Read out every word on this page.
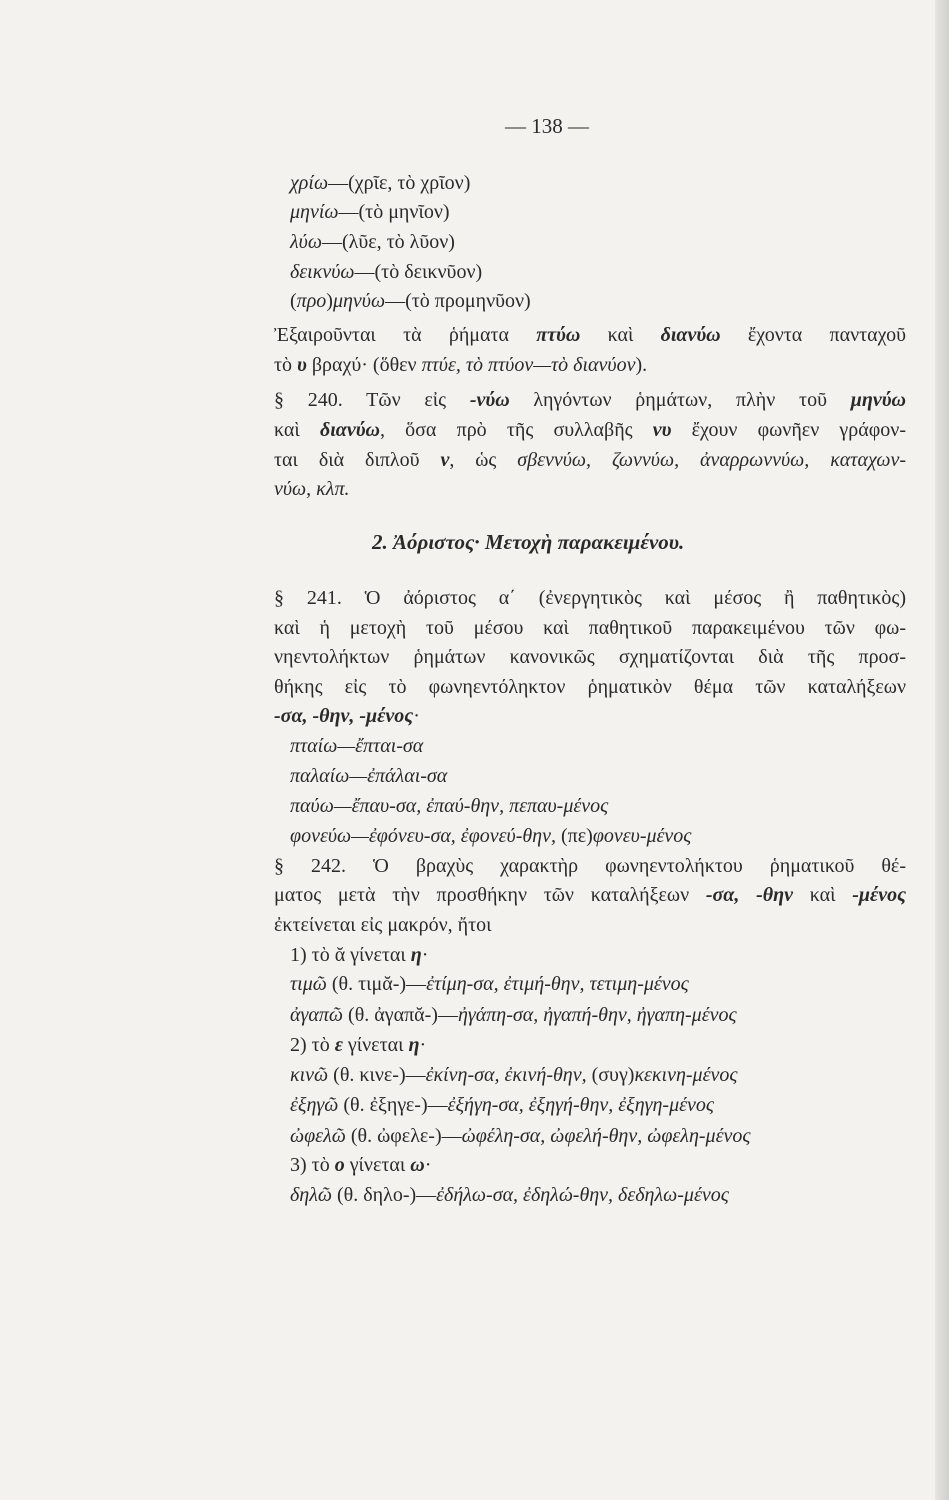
— 138 —
χρίω—(χρῖε, τὸ χρῖον)
μηνίω—(τὸ μηνῖον)
λύω—(λῦε, τὸ λῦον)
δεικνύω—(τὸ δεικνῦον)
(προ)μηνύω—(τὸ προμηνῦον)
Ἐξαιροῦνται τὰ ῥήματα πτύω καὶ διανύω ἔχοντα πανταχοῦ
τὸ υ βραχύ· (ὅθεν πτύε, τὸ πτύον—τὸ διανύον).
§ 240. Τῶν εἰς -νύω ληγόντων ῥημάτων, πλὴν τοῦ μηνύω
καὶ διανύω, ὅσα πρὸ τῆς συλλαβῆς νυ ἔχουν φωνῆεν γράφον-
ται διὰ διπλοῦ ν, ὡς σβεννύω, ζωννύω, ἀναρρωννύω, καταχων-
νύω, κλπ.
2. Ἀόριστος· Μετοχὴ παρακειμένου.
§ 241. Ὁ ἀόριστος α΄ (ἐνεργητικὸς καὶ μέσος ἢ παθητικὸς)
καὶ ἡ μετοχὴ τοῦ μέσου καὶ παθητικοῦ παρακειμένου τῶν φω-
νηεντολήκτων ῥημάτων κανονικῶς σχηματίζονται διὰ τῆς προσ-
θήκης εἰς τὸ φωνηεντόληκτον ῥηματικὸν θέμα τῶν καταλήξεων
-σα, -θην, -μένος·
πταίω—ἔπται-σα
παλαίω—ἐπάλαι-σα
παύω—ἔπαυ-σα, ἐπαύ-θην, πεπαυ-μένος
φονεύω—ἐφόνευ-σα, ἐφονεύ-θην, (πε)φονευ-μένος
§ 242. Ὁ βραχὺς χαρακτὴρ φωνηεντολήκτου ῥηματικοῦ θέ-
ματος μετὰ τὴν προσθήκην τῶν καταλήξεων -σα, -θην καὶ -μένος
ἐκτείνεται εἰς μακρόν, ἤτοι
1) τὸ ᾰ γίνεται η·
τιμῶ (θ. τιμᾰ-)—ἐτίμη-σα, ἐτιμή-θην, τετιμη-μένος
ἀγαπῶ (θ. ἀγαπᾰ-)—ἠγάπη-σα, ἠγαπή-θην, ἠγαπη-μένος
2) τὸ ε γίνεται η·
κινῶ (θ. κινε-)—ἐκίνη-σα, ἐκινή-θην, (συγ)κεκινη-μένος
ἐξηγῶ (θ. ἐξηγε-)—ἐξήγη-σα, ἐξηγή-θην, ἐξηγη-μένος
ὠφελῶ (θ. ὠφελε-)—ὠφέλη-σα, ὠφελή-θην, ὠφελη-μένος
3) τὸ ο γίνεται ω·
δηλῶ (θ. δηλο-)—ἐδήλω-σα, ἐδηλώ-θην, δεδηλω-μένος
